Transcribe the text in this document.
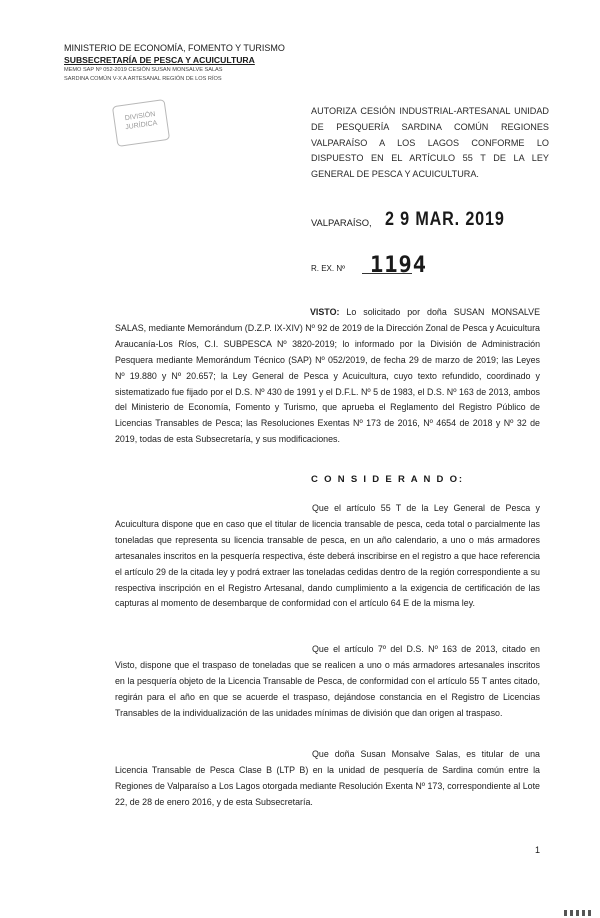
MINISTERIO DE ECONOMÍA, FOMENTO Y TURISMO
SUBSECRETARÍA DE PESCA Y ACUICULTURA
MEMO SAP Nº 052-2019 CESIÓN SUSAN MONSALVE SALAS
SARDINA COMÚN V-X A ARTESANAL REGIÓN DE LOS RÍOS
DIVISIÓN
JURÍDICA
AUTORIZA CESIÓN INDUSTRIAL-ARTESANAL UNIDAD DE PESQUERÍA SARDINA COMÚN REGIONES VALPARAÍSO A LOS LAGOS CONFORME LO DISPUESTO EN EL ARTÍCULO 55 T DE LA LEY GENERAL DE PESCA Y ACUICULTURA.
VALPARAÍSO, 2 9 MAR. 2019
R. EX. Nº 1194
VISTO: Lo solicitado por doña SUSAN MONSALVE SALAS, mediante Memorándum (D.Z.P. IX-XIV) Nº 92 de 2019 de la Dirección Zonal de Pesca y Acuicultura Araucanía-Los Ríos, C.I. SUBPESCA Nº 3820-2019; lo informado por la División de Administración Pesquera mediante Memorándum Técnico (SAP) Nº 052/2019, de fecha 29 de marzo de 2019; las Leyes Nº 19.880 y Nº 20.657; la Ley General de Pesca y Acuicultura, cuyo texto refundido, coordinado y sistematizado fue fijado por el D.S. Nº 430 de 1991 y el D.F.L. Nº 5 de 1983, el D.S. Nº 163 de 2013, ambos del Ministerio de Economía, Fomento y Turismo, que aprueba el Reglamento del Registro Público de Licencias Transables de Pesca; las Resoluciones Exentas Nº 173 de 2016, Nº 4654 de 2018 y Nº 32 de 2019, todas de esta Subsecretaría, y sus modificaciones.
C O N S I D E R A N D O:
Que el artículo 55 T de la Ley General de Pesca y Acuicultura dispone que en caso que el titular de licencia transable de pesca, ceda total o parcialmente las toneladas que representa su licencia transable de pesca, en un año calendario, a uno o más armadores artesanales inscritos en la pesquería respectiva, éste deberá inscribirse en el registro a que hace referencia el artículo 29 de la citada ley y podrá extraer las toneladas cedidas dentro de la región correspondiente a su respectiva inscripción en el Registro Artesanal, dando cumplimiento a la exigencia de certificación de las capturas al momento de desembarque de conformidad con el artículo 64 E de la misma ley.
Que el artículo 7º del D.S. Nº 163 de 2013, citado en Visto, dispone que el traspaso de toneladas que se realicen a uno o más armadores artesanales inscritos en la pesquería objeto de la Licencia Transable de Pesca, de conformidad con el artículo 55 T antes citado, regirán para el año en que se acuerde el traspaso, dejándose constancia en el Registro de Licencias Transables de la individualización de las unidades mínimas de división que dan origen al traspaso.
Que doña Susan Monsalve Salas, es titular de una Licencia Transable de Pesca Clase B (LTP B) en la unidad de pesquería de Sardina común entre la Regiones de Valparaíso a Los Lagos otorgada mediante Resolución Exenta Nº 173, correspondiente al Lote 22, de 28 de enero 2016, y de esta Subsecretaría.
1
